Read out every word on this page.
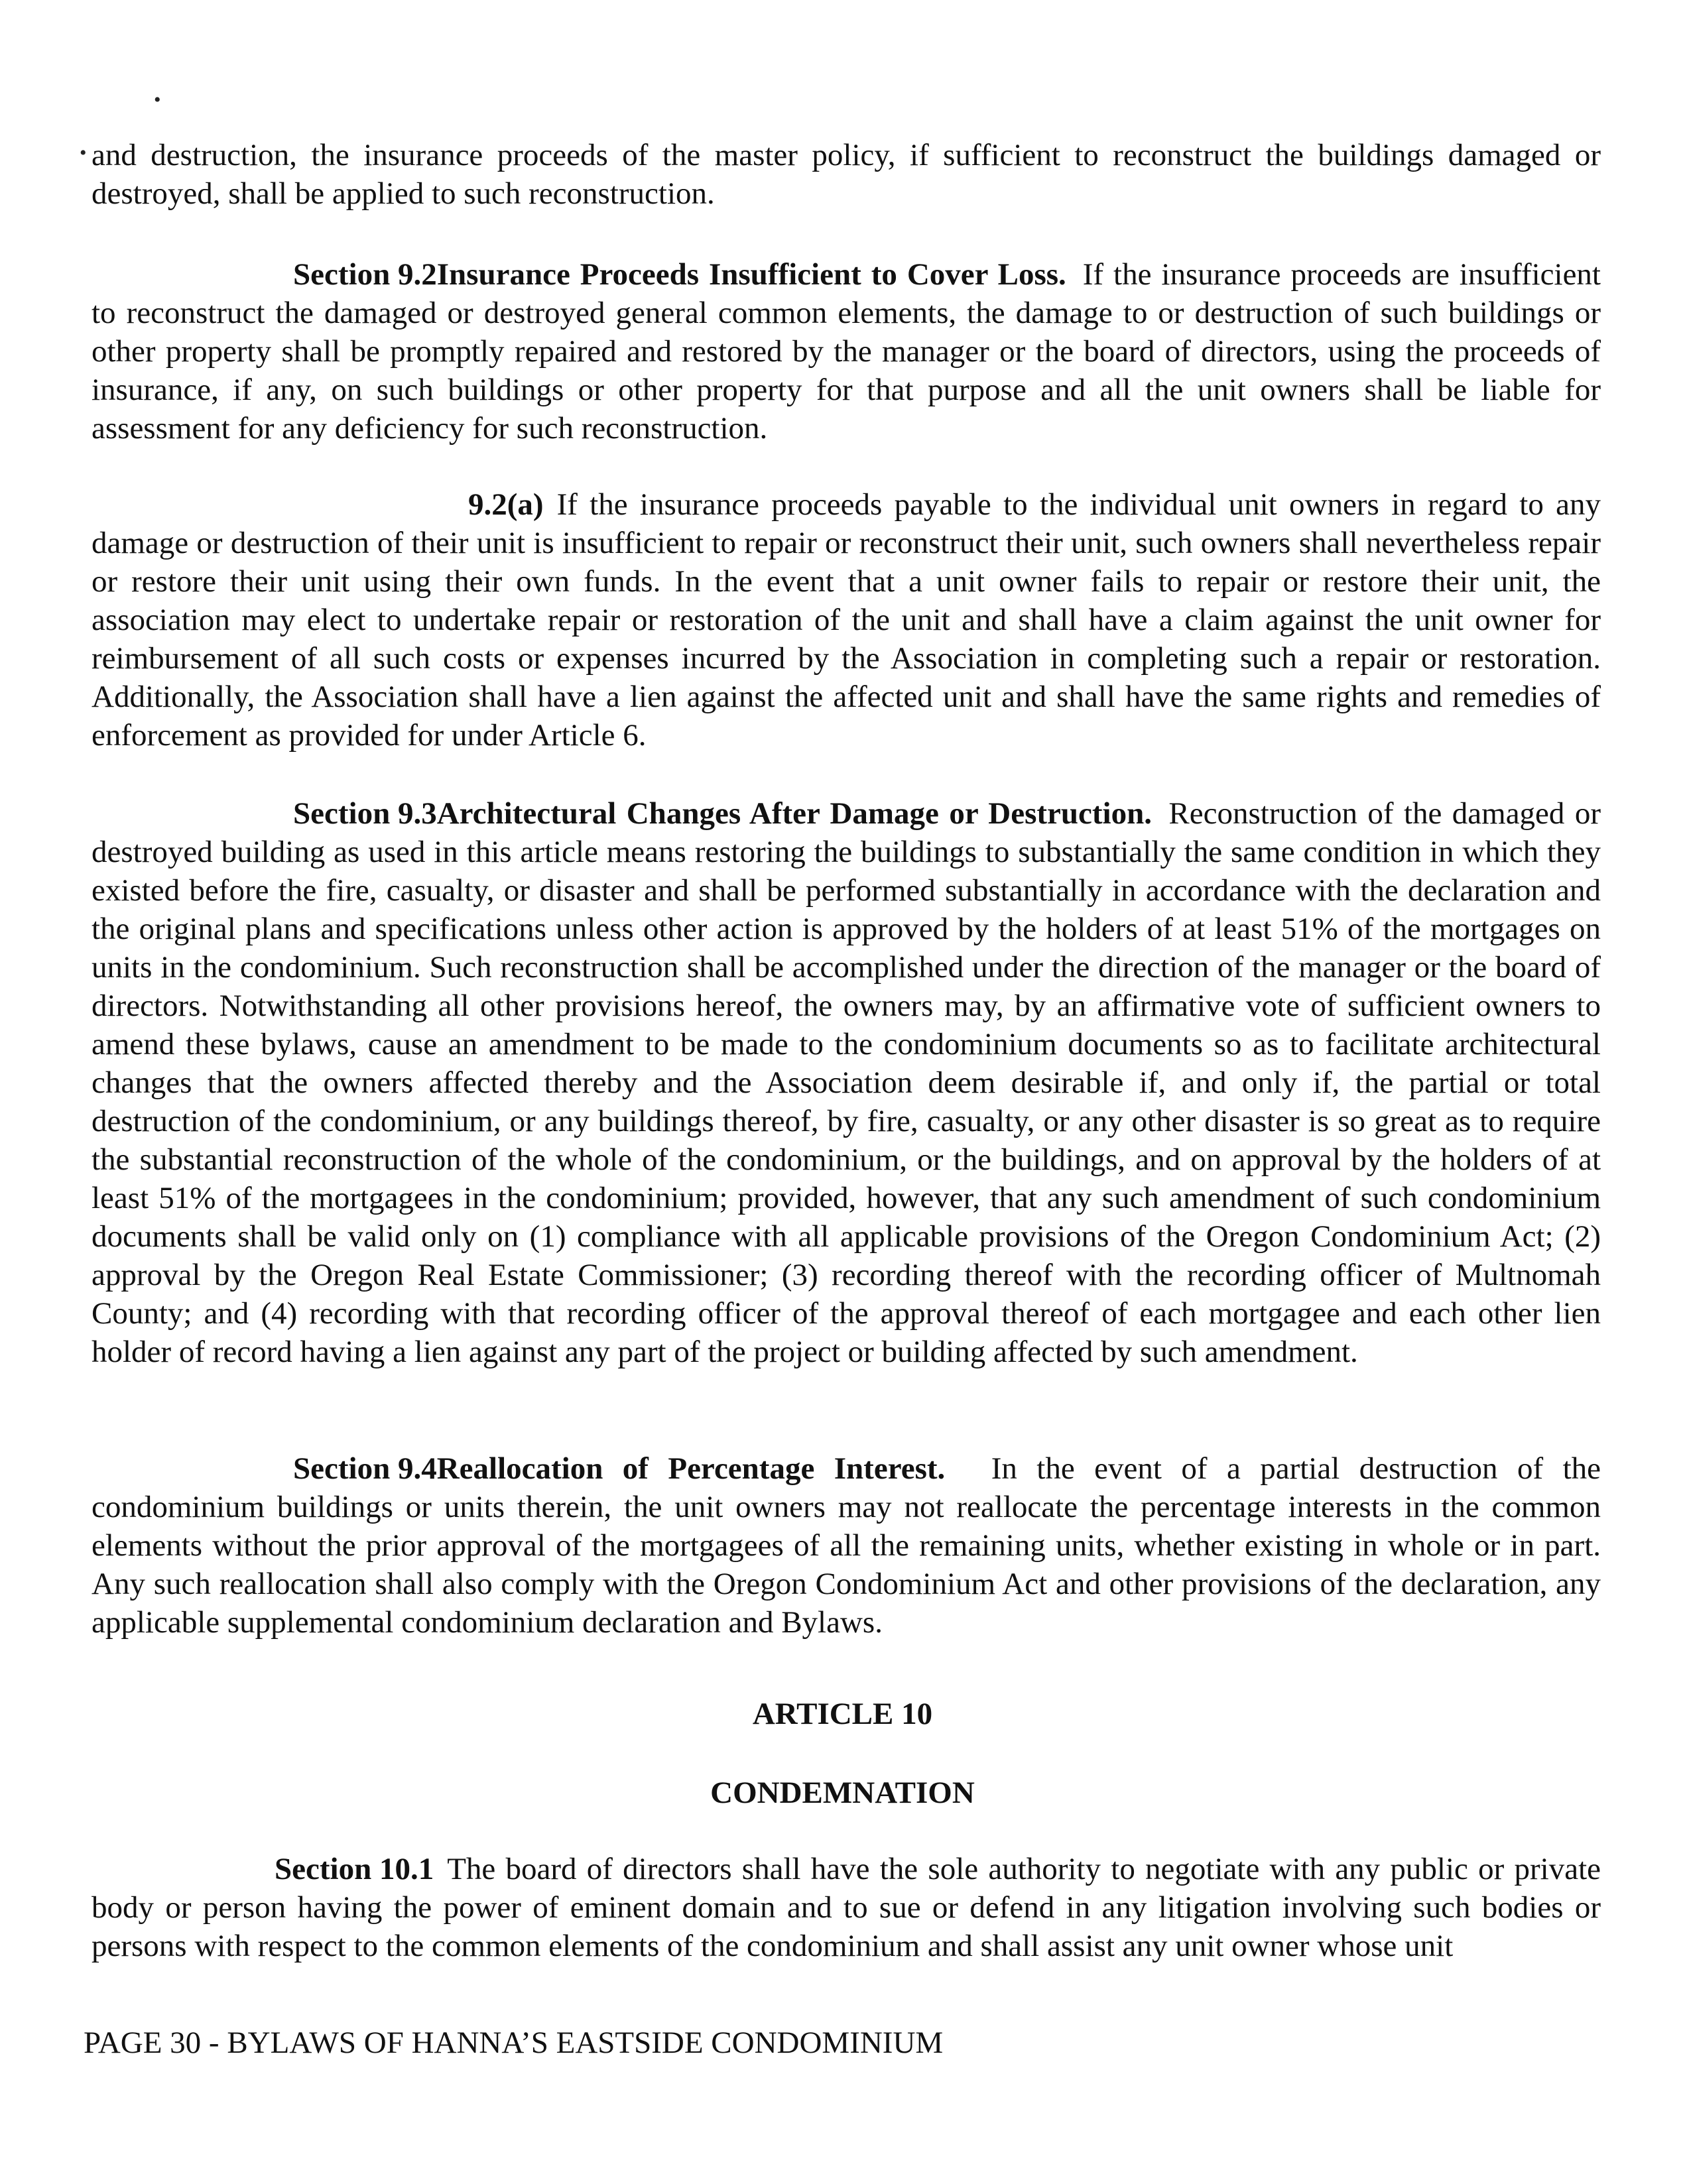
•
• and destruction, the insurance proceeds of the master policy, if sufficient to reconstruct the buildings damaged or destroyed, shall be applied to such reconstruction.

Section 9.2Insurance Proceeds Insufficient to Cover Loss. If the insurance proceeds are insufficient to reconstruct the damaged or destroyed general common elements, the damage to or destruction of such buildings or other property shall be promptly repaired and restored by the manager or the board of directors, using the proceeds of insurance, if any, on such buildings or other property for that purpose and all the unit owners shall be liable for assessment for any deficiency for such reconstruction.

9.2(a) If the insurance proceeds payable to the individual unit owners in regard to any damage or destruction of their unit is insufficient to repair or reconstruct their unit, such owners shall nevertheless repair or restore their unit using their own funds. In the event that a unit owner fails to repair or restore their unit, the association may elect to undertake repair or restoration of the unit and shall have a claim against the unit owner for reimbursement of all such costs or expenses incurred by the Association in completing such a repair or restoration. Additionally, the Association shall have a lien against the affected unit and shall have the same rights and remedies of enforcement as provided for under Article 6.

Section 9.3Architectural Changes After Damage or Destruction. Reconstruction of the damaged or destroyed building as used in this article means restoring the buildings to substantially the same condition in which they existed before the fire, casualty, or disaster and shall be performed substantially in accordance with the declaration and the original plans and specifications unless other action is approved by the holders of at least 51% of the mortgages on units in the condominium. Such reconstruction shall be accomplished under the direction of the manager or the board of directors. Notwithstanding all other provisions hereof, the owners may, by an affirmative vote of sufficient owners to amend these bylaws, cause an amendment to be made to the condominium documents so as to facilitate architectural changes that the owners affected thereby and the Association deem desirable if, and only if, the partial or total destruction of the condominium, or any buildings thereof, by fire, casualty, or any other disaster is so great as to require the substantial reconstruction of the whole of the condominium, or the buildings, and on approval by the holders of at least 51% of the mortgagees in the condominium; provided, however, that any such amendment of such condominium documents shall be valid only on (1) compliance with all applicable provisions of the Oregon Condominium Act; (2) approval by the Oregon Real Estate Commissioner; (3) recording thereof with the recording officer of Multnomah County; and (4) recording with that recording officer of the approval thereof of each mortgagee and each other lien holder of record having a lien against any part of the project or building affected by such amendment.

Section 9.4Reallocation of Percentage Interest. In the event of a partial destruction of the condominium buildings or units therein, the unit owners may not reallocate the percentage interests in the common elements without the prior approval of the mortgagees of all the remaining units, whether existing in whole or in part. Any such reallocation shall also comply with the Oregon Condominium Act and other provisions of the declaration, any applicable supplemental condominium declaration and Bylaws.

ARTICLE 10
CONDEMNATION

Section 10.1 The board of directors shall have the sole authority to negotiate with any public or private body or person having the power of eminent domain and to sue or defend in any litigation involving such bodies or persons with respect to the common elements of the condominium and shall assist any unit owner whose unit

PAGE 30 - BYLAWS OF HANNA’S EASTSIDE CONDOMINIUM
